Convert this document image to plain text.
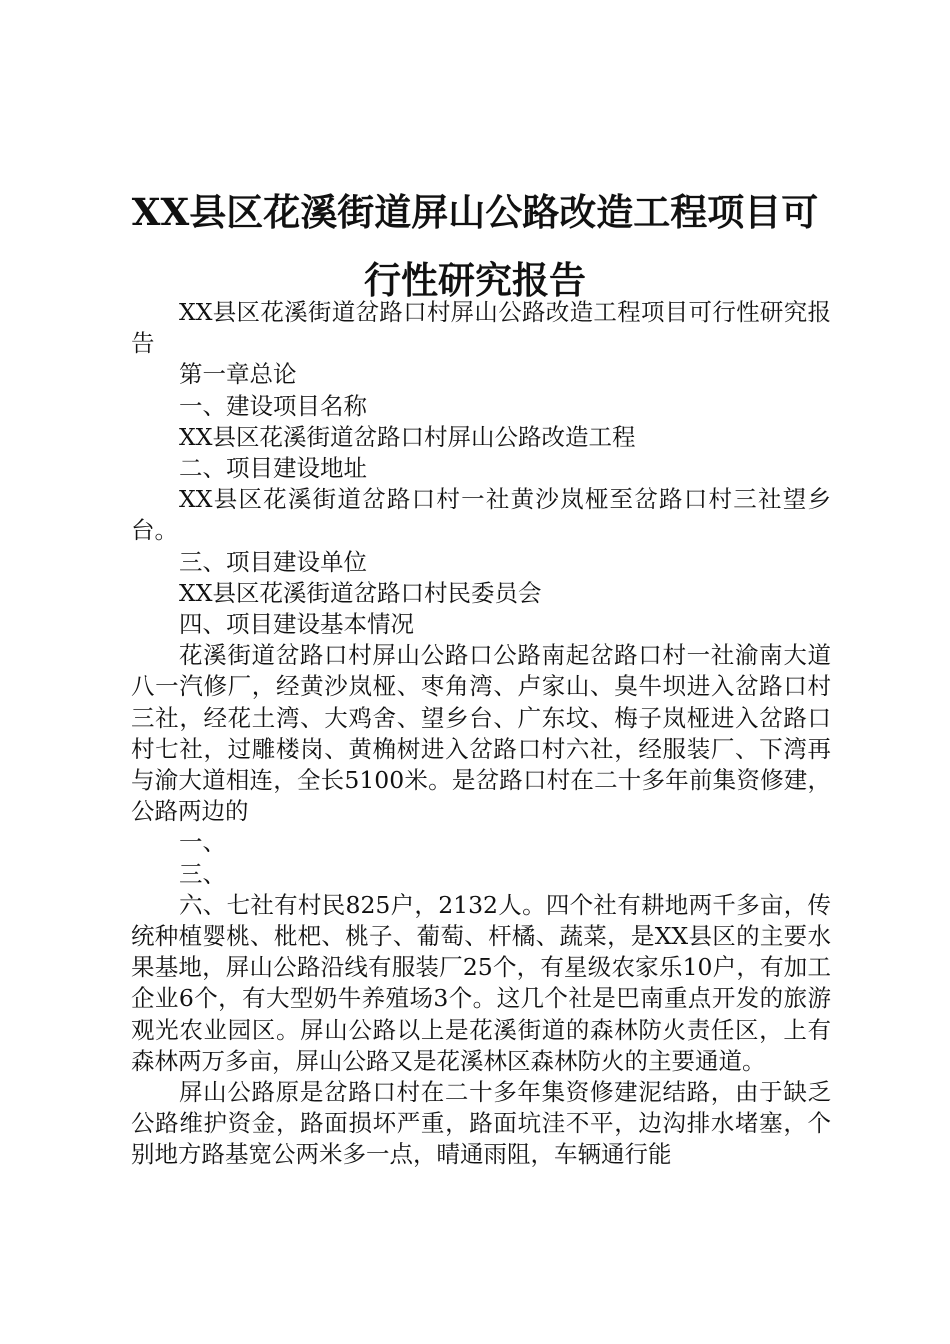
XX县区花溪街道屏山公路改造工程项目可行性研究报告

XX县区花溪街道岔路口村屏山公路改造工程项目可行性研究报告

第一章总论

一、建设项目名称

XX县区花溪街道岔路口村屏山公路改造工程

二、项目建设地址

XX县区花溪街道岔路口村一社黄沙岚桠至岔路口村三社望乡台。

三、项目建设单位

XX县区花溪街道岔路口村民委员会

四、项目建设基本情况

花溪街道岔路口村屏山公路口公路南起岔路口村一社渝南大道八一汽修厂，经黄沙岚桠、枣角湾、卢家山、臭牛坝进入岔路口村三社，经花土湾、大鸡舍、望乡台、广东坟、梅子岚桠进入岔路口村七社，过雕楼岗、黄桷树进入岔路口村六社，经服装厂、下湾再与渝大道相连，全长5100米。是岔路口村在二十多年前集资修建，公路两边的

一、

三、

六、七社有村民825户，2132人。四个社有耕地两千多亩，传统种植婴桃、枇杷、桃子、葡萄、杆橘、蔬菜，是XX县区的主要水果基地，屏山公路沿线有服装厂25个，有星级农家乐10户，有加工企业6个，有大型奶牛养殖场3个。这几个社是巴南重点开发的旅游观光农业园区。屏山公路以上是花溪街道的森林防火责任区，上有森林两万多亩，屏山公路又是花溪林区森林防火的主要通道。

屏山公路原是岔路口村在二十多年集资修建泥结路，由于缺乏公路维护资金，路面损坏严重，路面坑洼不平，边沟排水堵塞，个别地方路基宽公两米多一点，晴通雨阻，车辆通行能
